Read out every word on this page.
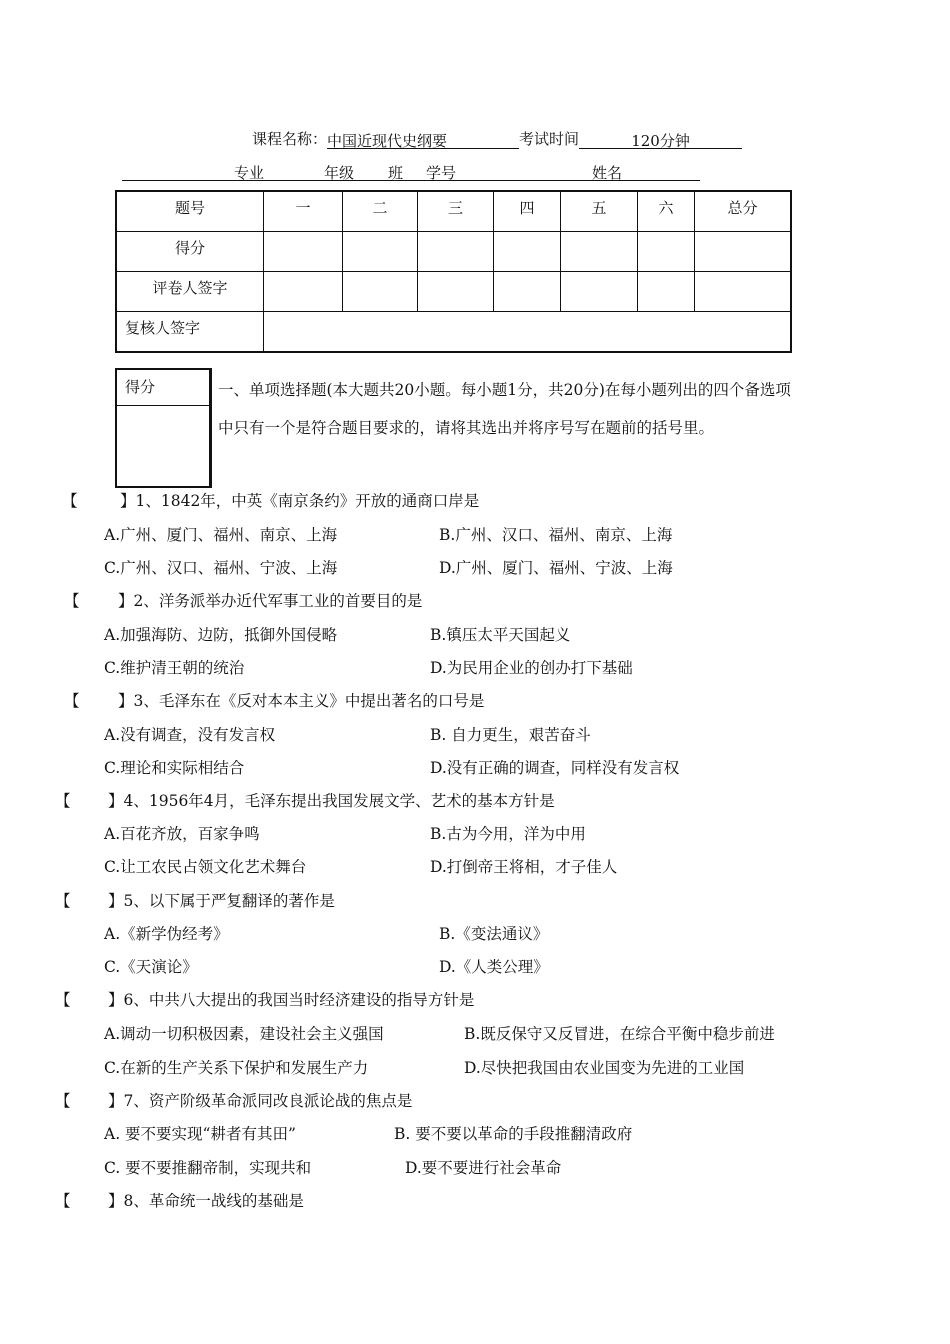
课程名称：中国近现代史纲要	考试时间	120分钟
专业	年级 班 学号	姓名
题号	一	二	三	四	五	六	总分
得分							
评卷人签字							
复核人签字							
得分	一、单项选择题(本大题共20小题。每小题1分，共20分)在每小题列出的四个备选项中只有一个是符合题目要求的，请将其选出并将序号写在题前的括号里。
【	】1、1842年，中英《南京条约》开放的通商口岸是
A.广州、厦门、福州、南京、上海	B.广州、汉口、福州、南京、上海
C.广州、汉口、福州、宁波、上海	D.广州、厦门、福州、宁波、上海
【 】2、洋务派举办近代军事工业的首要目的是
A.加强海防、边防，抵御外国侵略	B.镇压太平天国起义
C.维护清王朝的统治	D.为民用企业的创办打下基础
【 】3、毛泽东在《反对本本主义》中提出著名的口号是
A.没有调查，没有发言权	B. 自力更生，艰苦奋斗
C.理论和实际相结合	D.没有正确的调查，同样没有发言权
【 】4、1956年4月，毛泽东提出我国发展文学、艺术的基本方针是
A.百花齐放，百家争鸣	B.古为今用，洋为中用
C.让工农民占领文化艺术舞台	D.打倒帝王将相，才子佳人
【 】5、以下属于严复翻译的著作是
A.《新学伪经考》	B.《变法通议》
C.《天演论》	D.《人类公理》
【 】6、中共八大提出的我国当时经济建设的指导方针是
A.调动一切积极因素，建设社会主义强国	B.既反保守又反冒进，在综合平衡中稳步前进
C.在新的生产关系下保护和发展生产力	D.尽快把我国由农业国变为先进的工业国
【 】7、资产阶级革命派同改良派论战的焦点是
A. 要不要实现“耕者有其田”	B. 要不要以革命的手段推翻清政府
C. 要不要推翻帝制，实现共和	D.要不要进行社会革命
【 】8、革命统一战线的基础是
